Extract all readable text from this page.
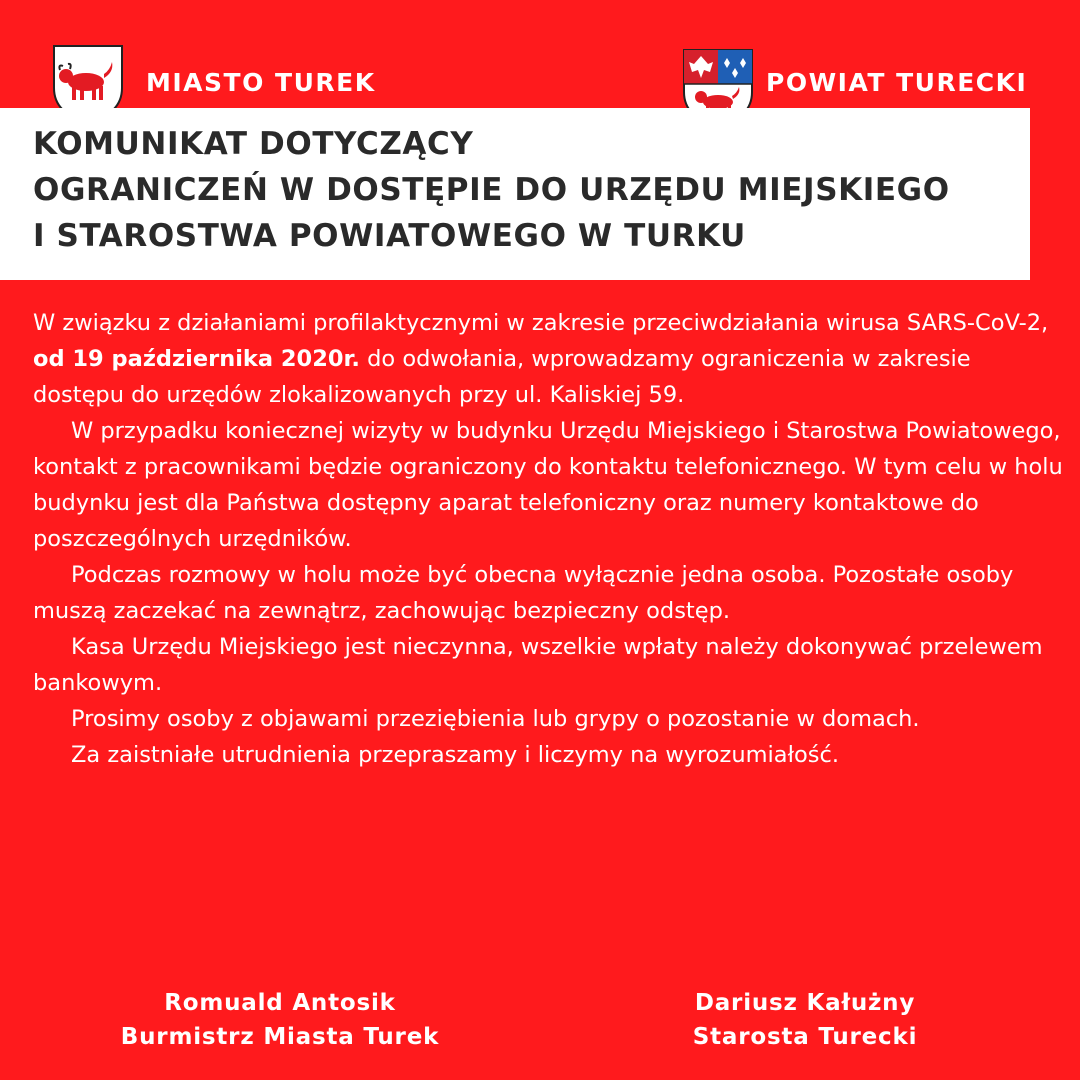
MIASTO TUREK	POWIAT TURECKI
KOMUNIKAT DOTYCZĄCY
OGRANICZEŃ W DOSTĘPIE DO URZĘDU MIEJSKIEGO
I STAROSTWA POWIATOWEGO W TURKU

W związku z działaniami profilaktycznymi w zakresie przeciwdziałania wirusa SARS-CoV-2, od 19 października 2020r. do odwołania, wprowadzamy ograniczenia w zakresie dostępu do urzędów zlokalizowanych przy ul. Kaliskiej 59.

W przypadku koniecznej wizyty w budynku Urzędu Miejskiego i Starostwa Powiatowego, kontakt z pracownikami będzie ograniczony do kontaktu telefonicznego. W tym celu w holu budynku jest dla Państwa dostępny aparat telefoniczny oraz numery kontaktowe do poszczególnych urzędników.

Podczas rozmowy w holu może być obecna wyłącznie jedna osoba. Pozostałe osoby muszą zaczekać na zewnątrz, zachowując bezpieczny odstęp.

Kasa Urzędu Miejskiego jest nieczynna, wszelkie wpłaty należy dokonywać przelewem bankowym.

Prosimy osoby z objawami przeziębienia lub grypy o pozostanie w domach.

Za zaistniałe utrudnienia przepraszamy i liczymy na wyrozumiałość.

Romuald Antosik
Burmistrz Miasta Turek
Dariusz Kałużny
Starosta Turecki
